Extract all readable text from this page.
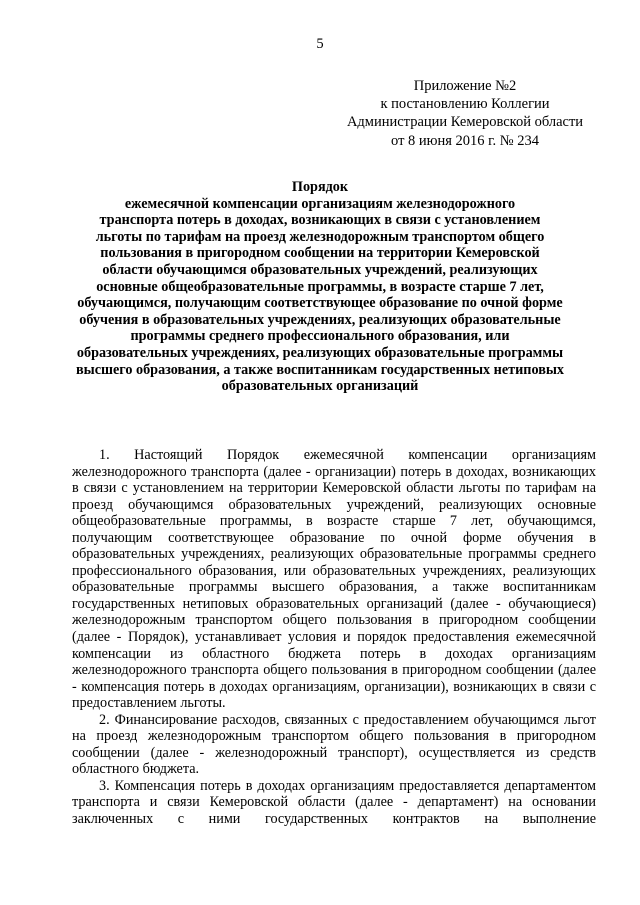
5
Приложение №2
к постановлению Коллегии
Администрации Кемеровской области
от 8 июня 2016 г. № 234
Порядок
ежемесячной компенсации организациям железнодорожного
транспорта потерь в доходах, возникающих в связи с установлением
льготы по тарифам на проезд железнодорожным транспортом общего
пользования в пригородном сообщении на территории Кемеровской
области обучающимся образовательных учреждений, реализующих
основные общеобразовательные программы, в возрасте старше 7 лет,
обучающимся, получающим соответствующее образование по очной форме
обучения в образовательных учреждениях, реализующих образовательные
программы среднего профессионального образования, или
образовательных учреждениях, реализующих образовательные программы
высшего образования, а также воспитанникам государственных нетиповых
образовательных организаций

1. Настоящий Порядок ежемесячной компенсации организациям железнодорожного транспорта (далее - организации) потерь в доходах, возникающих в связи с установлением на территории Кемеровской области льготы по тарифам на проезд обучающимся образовательных учреждений, реализующих основные общеобразовательные программы, в возрасте старше 7 лет, обучающимся, получающим соответствующее образование по очной форме обучения в образовательных учреждениях, реализующих образовательные программы среднего профессионального образования, или образовательных учреждениях, реализующих образовательные программы высшего образования, а также воспитанникам государственных нетиповых образовательных организаций (далее - обучающиеся) железнодорожным транспортом общего пользования в пригородном сообщении (далее - Порядок), устанавливает условия и порядок предоставления ежемесячной компенсации из областного бюджета потерь в доходах организациям железнодорожного транспорта общего пользования в пригородном сообщении (далее - компенсация потерь в доходах организациям, организации), возникающих в связи с предоставлением льготы.

2. Финансирование расходов, связанных с предоставлением обучающимся льгот на проезд железнодорожным транспортом общего пользования в пригородном сообщении (далее - железнодорожный транспорт), осуществляется из средств областного бюджета.

3. Компенсация потерь в доходах организациям предоставляется департаментом транспорта и связи Кемеровской области (далее - департамент) на основании заключенных с ними государственных контрактов на выполнение
